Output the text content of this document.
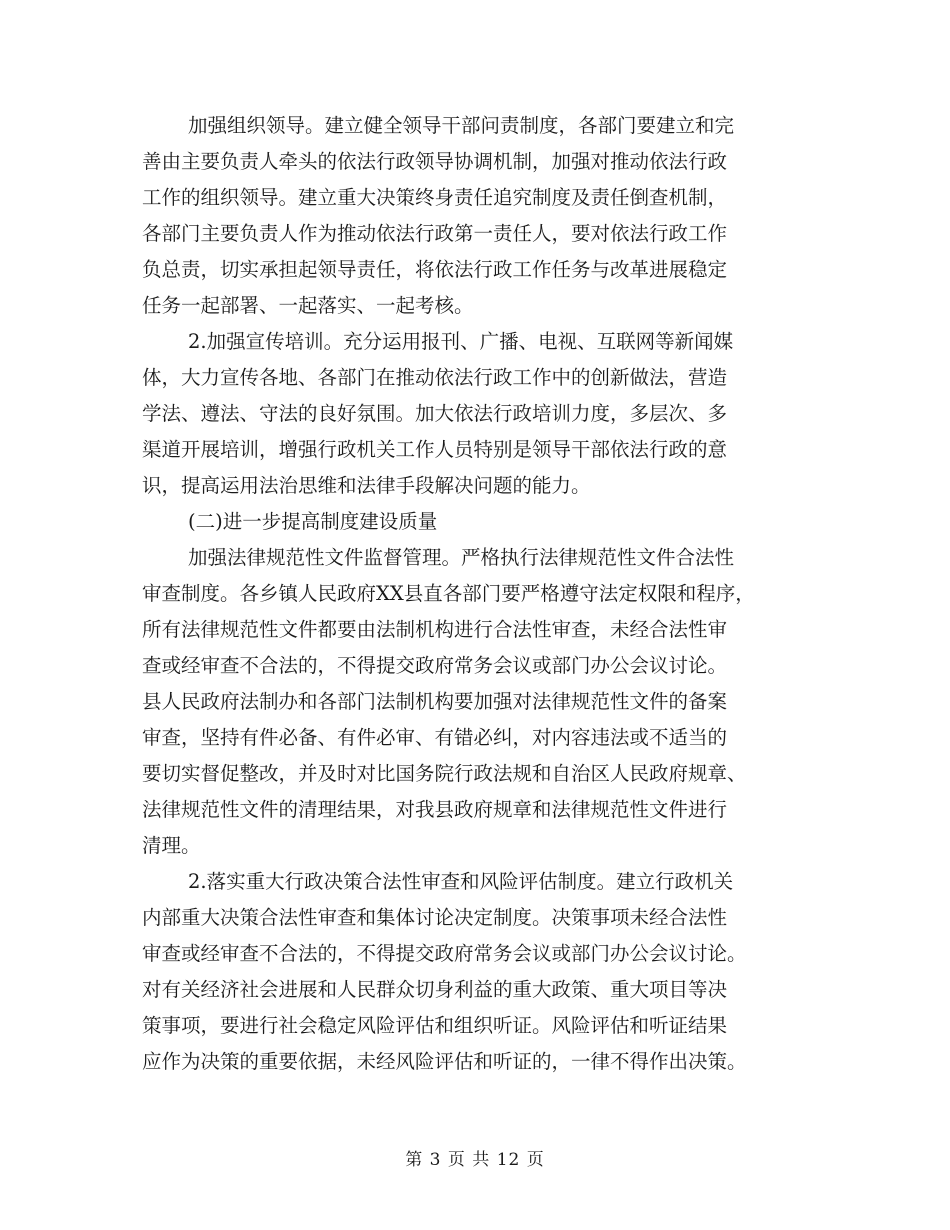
加强组织领导。建立健全领导干部问责制度，各部门要建立和完
善由主要负责人牵头的依法行政领导协调机制，加强对推动依法行政
工作的组织领导。建立重大决策终身责任追究制度及责任倒查机制，
各部门主要负责人作为推动依法行政第一责任人，要对依法行政工作
负总责，切实承担起领导责任，将依法行政工作任务与改革进展稳定
任务一起部署、一起落实、一起考核。
2.加强宣传培训。充分运用报刊、广播、电视、互联网等新闻媒
体，大力宣传各地、各部门在推动依法行政工作中的创新做法，营造
学法、遵法、守法的良好氛围。加大依法行政培训力度，多层次、多
渠道开展培训，增强行政机关工作人员特别是领导干部依法行政的意
识，提高运用法治思维和法律手段解决问题的能力。
(二)进一步提高制度建设质量
加强法律规范性文件监督管理。严格执行法律规范性文件合法性
审查制度。各乡镇人民政府XX县直各部门要严格遵守法定权限和程序，
所有法律规范性文件都要由法制机构进行合法性审查，未经合法性审
查或经审查不合法的，不得提交政府常务会议或部门办公会议讨论。
县人民政府法制办和各部门法制机构要加强对法律规范性文件的备案
审查，坚持有件必备、有件必审、有错必纠，对内容违法或不适当的
要切实督促整改，并及时对比国务院行政法规和自治区人民政府规章、
法律规范性文件的清理结果，对我县政府规章和法律规范性文件进行
清理。
2.落实重大行政决策合法性审查和风险评估制度。建立行政机关
内部重大决策合法性审查和集体讨论决定制度。决策事项未经合法性
审查或经审查不合法的，不得提交政府常务会议或部门办公会议讨论。
对有关经济社会进展和人民群众切身利益的重大政策、重大项目等决
策事项，要进行社会稳定风险评估和组织听证。风险评估和听证结果
应作为决策的重要依据，未经风险评估和听证的，一律不得作出决策。
第 3 页 共 12 页
